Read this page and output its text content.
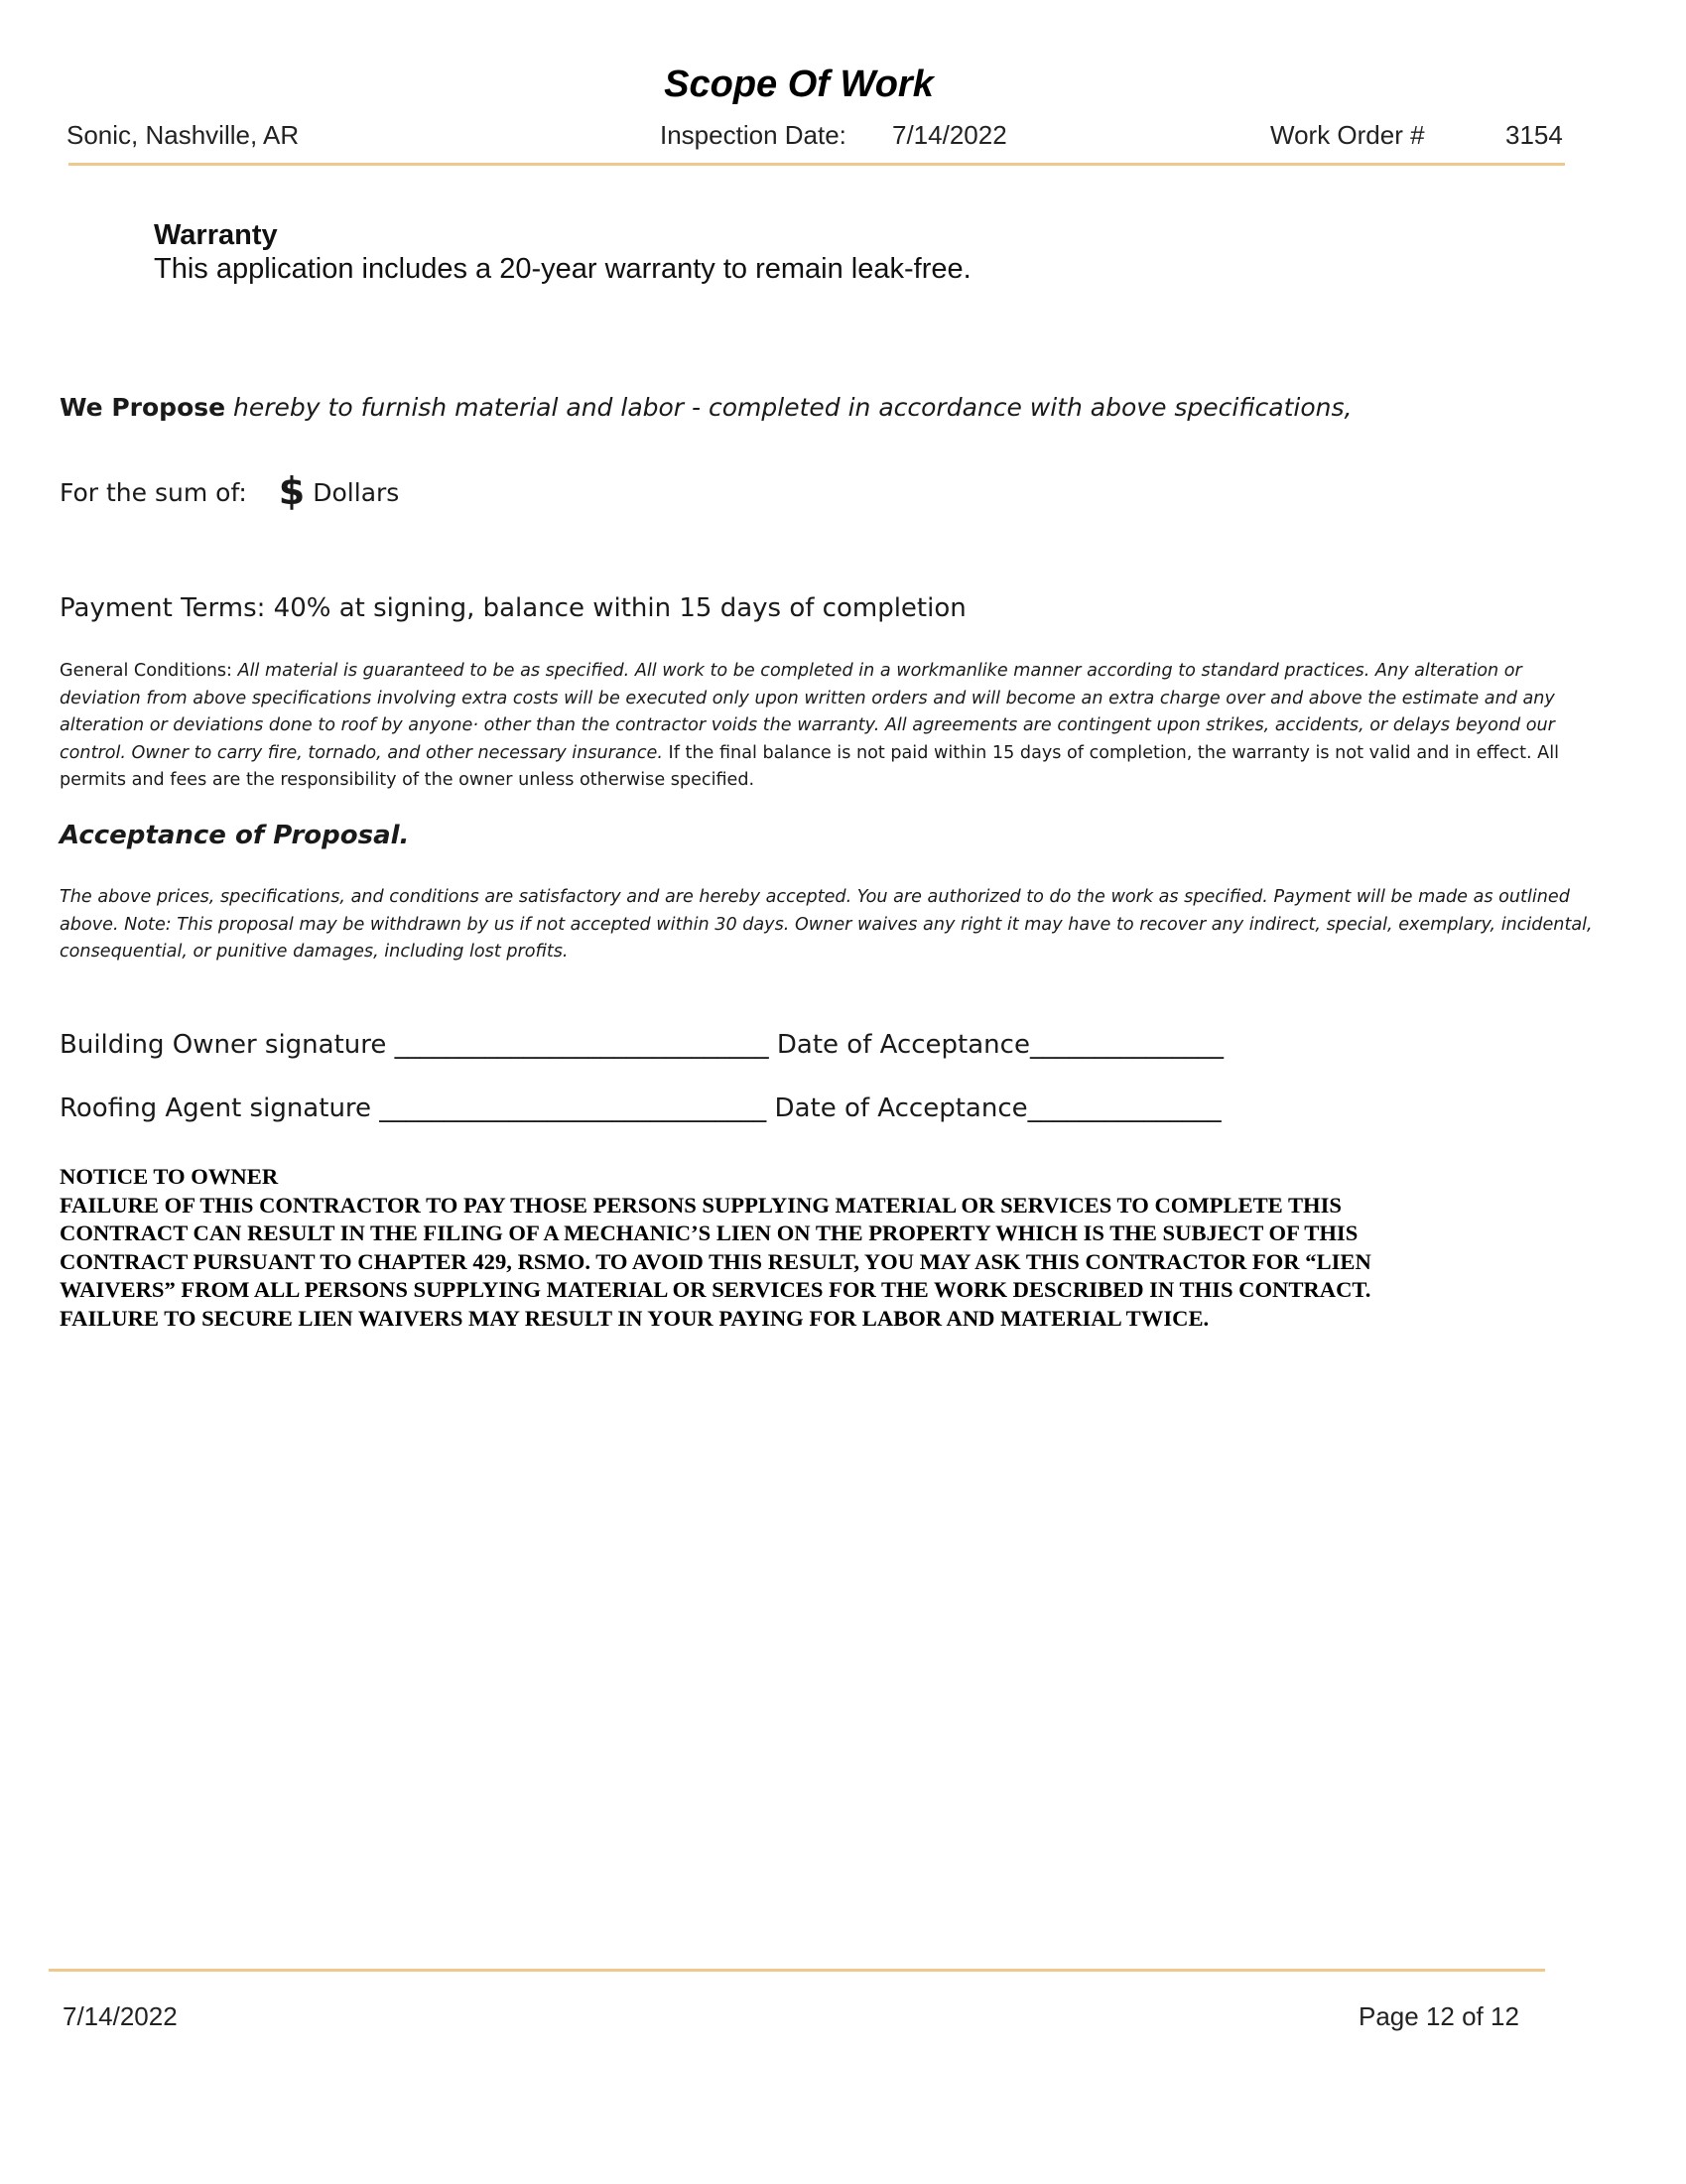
Scope Of Work
Sonic, Nashville, AR	Inspection Date: 7/14/2022	Work Order #	3154
Warranty
This application includes a 20-year warranty to remain leak-free.
We Propose hereby to furnish material and labor - completed in accordance with above specifications,
For the sum of: $ Dollars
Payment Terms: 40% at signing, balance within 15 days of completion
General Conditions: All material is guaranteed to be as specified. All work to be completed in a workmanlike manner according to standard practices. Any alteration or deviation from above specifications involving extra costs will be executed only upon written orders and will become an extra charge over and above the estimate and any alteration or deviations done to roof by anyone· other than the contractor voids the warranty. All agreements are contingent upon strikes, accidents, or delays beyond our control. Owner to carry fire, tornado, and other necessary insurance. If the final balance is not paid within 15 days of completion, the warranty is not valid and in effect. All permits and fees are the responsibility of the owner unless otherwise specified.
Acceptance of Proposal.
The above prices, specifications, and conditions are satisfactory and are hereby accepted. You are authorized to do the work as specified. Payment will be made as outlined above. Note: This proposal may be withdrawn by us if not accepted within 30 days. Owner waives any right it may have to recover any indirect, special, exemplary, incidental, consequential, or punitive damages, including lost profits.
Building Owner signature _____________________________ Date of Acceptance_______________
Roofing Agent signature ______________________________ Date of Acceptance_______________
NOTICE TO OWNER
FAILURE OF THIS CONTRACTOR TO PAY THOSE PERSONS SUPPLYING MATERIAL OR SERVICES TO COMPLETE THIS
CONTRACT CAN RESULT IN THE FILING OF A MECHANIC’S LIEN ON THE PROPERTY WHICH IS THE SUBJECT OF THIS
CONTRACT PURSUANT TO CHAPTER 429, RSMO. TO AVOID THIS RESULT, YOU MAY ASK THIS CONTRACTOR FOR “LIEN
WAIVERS” FROM ALL PERSONS SUPPLYING MATERIAL OR SERVICES FOR THE WORK DESCRIBED IN THIS CONTRACT.
FAILURE TO SECURE LIEN WAIVERS MAY RESULT IN YOUR PAYING FOR LABOR AND MATERIAL TWICE.
7/14/2022	Page 12 of 12
